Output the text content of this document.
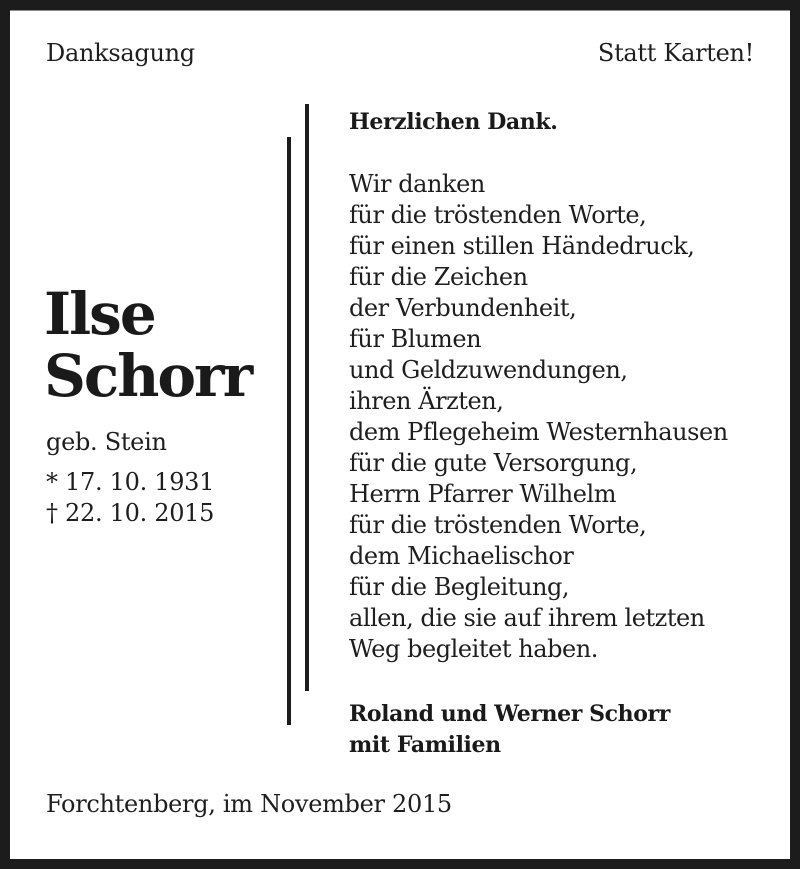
Danksagung	Statt Karten!
Ilse
Schorr
geb. Stein
* 17. 10. 1931
† 22. 10. 2015
Herzlichen Dank.
Wir danken
für die tröstenden Worte,
für einen stillen Händedruck,
für die Zeichen
der Verbundenheit,
für Blumen
und Geldzuwendungen,
ihren Ärzten,
dem Pflegeheim Westernhausen
für die gute Versorgung,
Herrn Pfarrer Wilhelm
für die tröstenden Worte,
dem Michaelischor
für die Begleitung,
allen, die sie auf ihrem letzten
Weg begleitet haben.
Roland und Werner Schorr
mit Familien
Forchtenberg, im November 2015
